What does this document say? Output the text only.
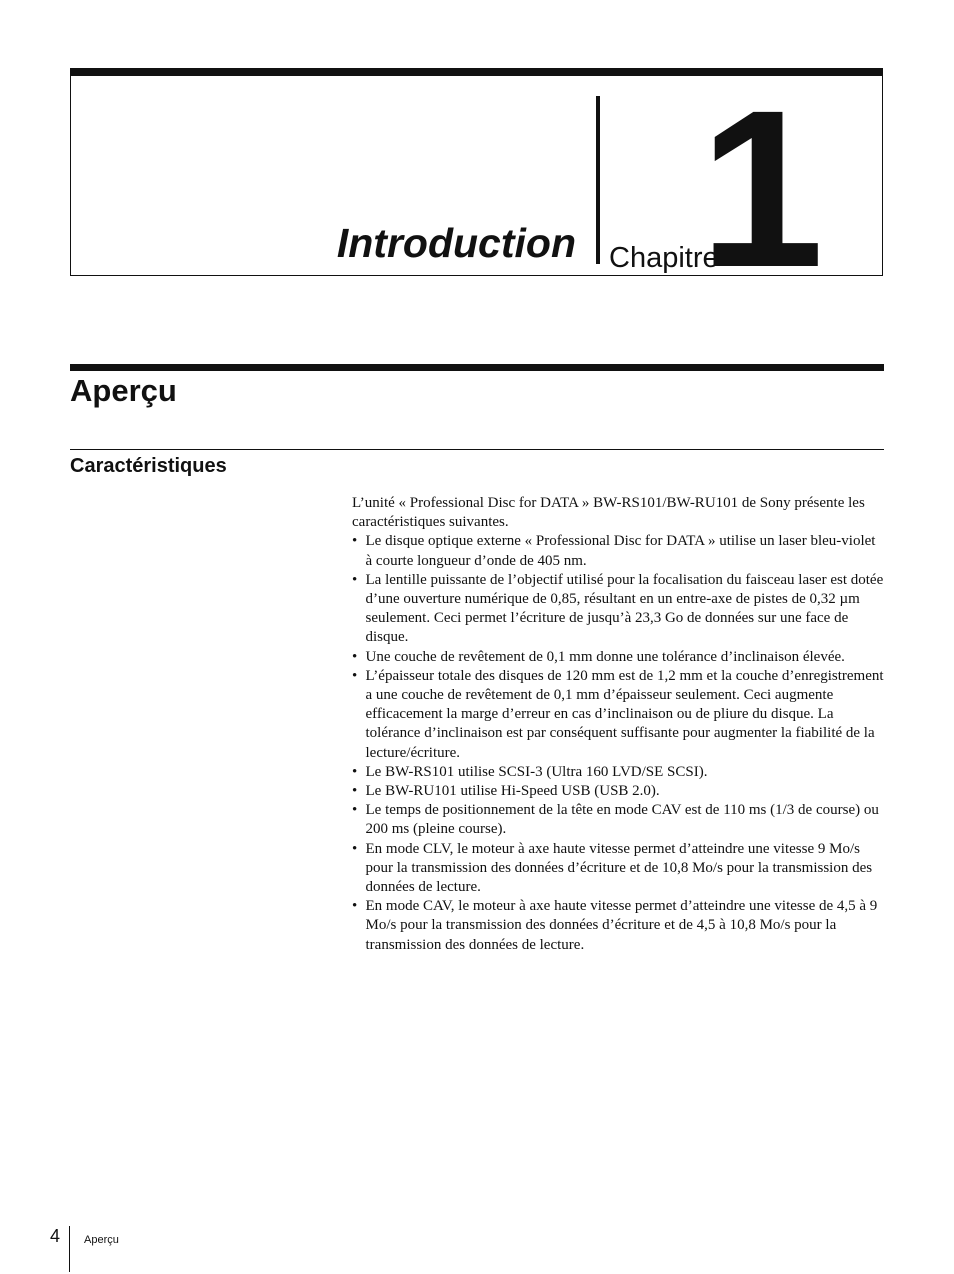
Introduction Chapitre
1
Aperçu
Caractéristiques

L’unité « Professional Disc for DATA » BW-RS101/BW-RU101 de Sony présente les caractéristiques suivantes.

• Le disque optique externe « Professional Disc for DATA » utilise un laser bleu-violet à courte longueur d’onde de 405 nm.
• La lentille puissante de l’objectif utilisé pour la focalisation du faisceau laser est dotée d’une ouverture numérique de 0,85, résultant en un entre-axe de pistes de 0,32 µm seulement. Ceci permet l’écriture de jusqu’à 23,3 Go de données sur une face de disque.
• Une couche de revêtement de 0,1 mm donne une tolérance d’inclinaison élevée.
• L’épaisseur totale des disques de 120 mm est de 1,2 mm et la couche d’enregistrement a une couche de revêtement de 0,1 mm d’épaisseur seulement. Ceci augmente efficacement la marge d’erreur en cas d’inclinaison ou de pliure du disque. La tolérance d’inclinaison est par conséquent suffisante pour augmenter la fiabilité de la lecture/écriture.
• Le BW-RS101 utilise SCSI-3 (Ultra 160 LVD/SE SCSI).
• Le BW-RU101 utilise Hi-Speed USB (USB 2.0).
• Le temps de positionnement de la tête en mode CAV est de 110 ms (1/3 de course) ou 200 ms (pleine course).
• En mode CLV, le moteur à axe haute vitesse permet d’atteindre une vitesse 9 Mo/s pour la transmission des données d’écriture et de 10,8 Mo/s pour la transmission des données de lecture.
• En mode CAV, le moteur à axe haute vitesse permet d’atteindre une vitesse de 4,5 à 9 Mo/s pour la transmission des données d’écriture et de 4,5 à 10,8 Mo/s pour la transmission des données de lecture.
4 Aperçu
